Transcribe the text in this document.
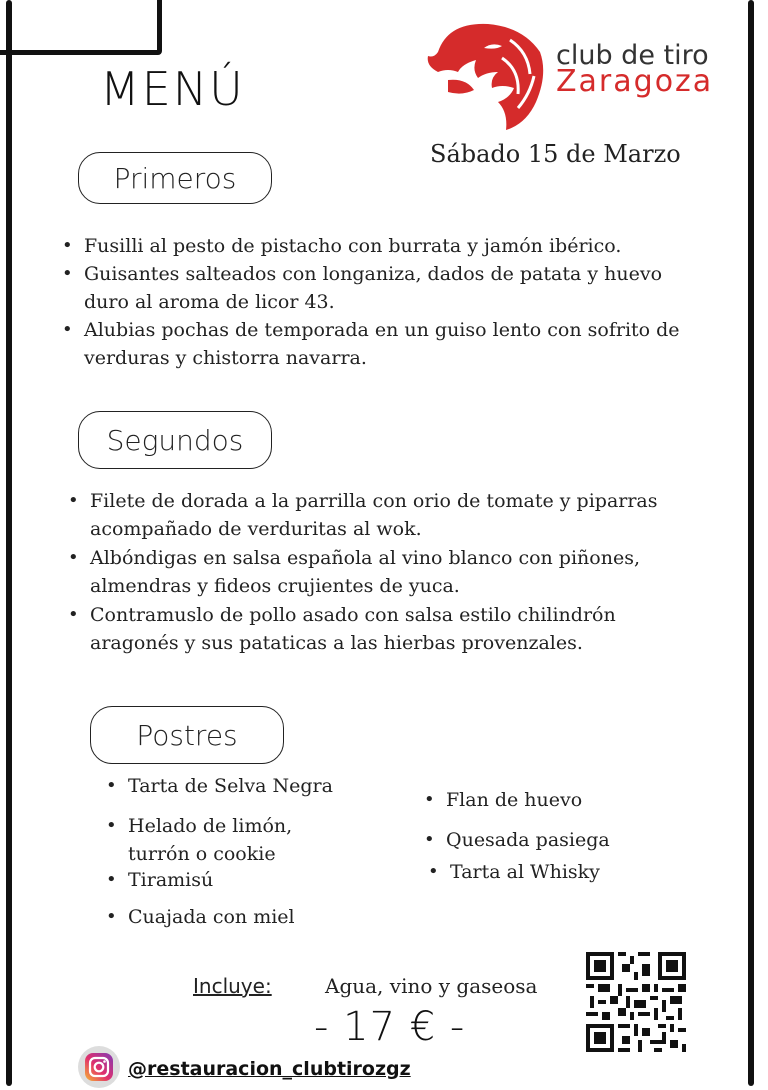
MENÚ
club de tiro
Zaragoza
Sábado 15 de Marzo
Primeros
• Fusilli al pesto de pistacho con burrata y jamón ibérico.
• Guisantes salteados con longaniza, dados de patata y huevo
duro al aroma de licor 43.
• Alubias pochas de temporada en un guiso lento con sofrito de
verduras y chistorra navarra.
Segundos
• Filete de dorada a la parrilla con orio de tomate y piparras
acompañado de verduritas al wok.
• Albóndigas en salsa española al vino blanco con piñones,
almendras y fideos crujientes de yuca.
• Contramuslo de pollo asado con salsa estilo chilindrón
aragonés y sus pataticas a las hierbas provenzales.
Postres
• Tarta de Selva Negra
• Helado de limón,
turrón o cookie
• Tiramisú
• Cuajada con miel
• Flan de huevo
• Quesada pasiega
• Tarta al Whisky
Incluye:	Agua, vino y gaseosa
- 17 € -
@restauracion_clubtirozgz
